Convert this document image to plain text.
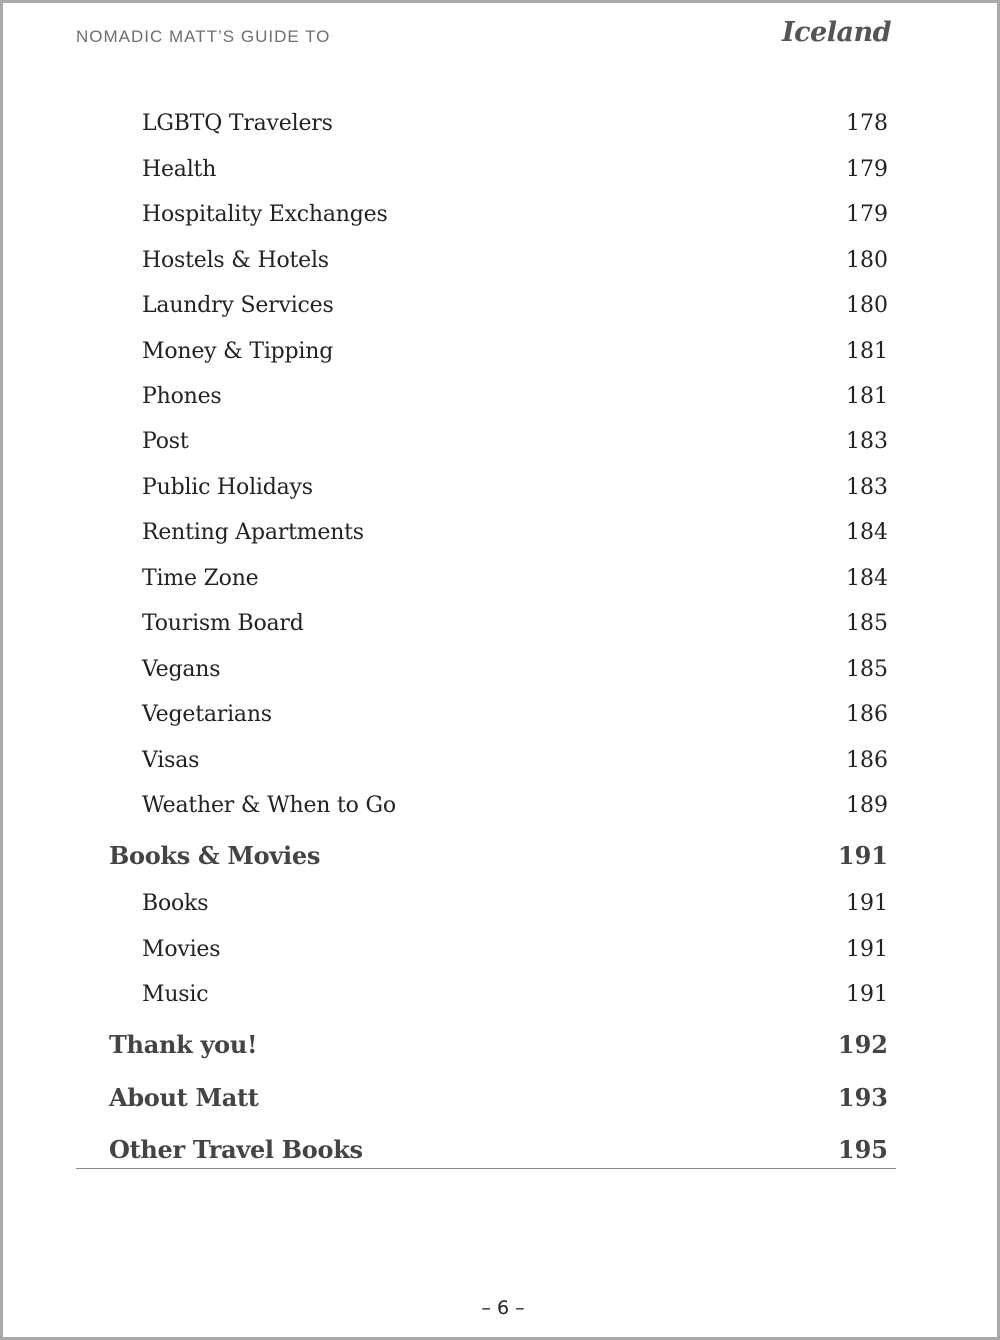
NOMADIC MATT’S GUIDE TO	Iceland
LGBTQ Travelers	178
Health	179
Hospitality Exchanges	179
Hostels & Hotels	180
Laundry Services	180
Money & Tipping	181
Phones	181
Post	183
Public Holidays	183
Renting Apartments	184
Time Zone	184
Tourism Board	185
Vegans	185
Vegetarians	186
Visas	186
Weather & When to Go	189
Books & Movies	191
Books	191
Movies	191
Music	191
Thank you!	192
About Matt	193
Other Travel Books	195
– 6 –
